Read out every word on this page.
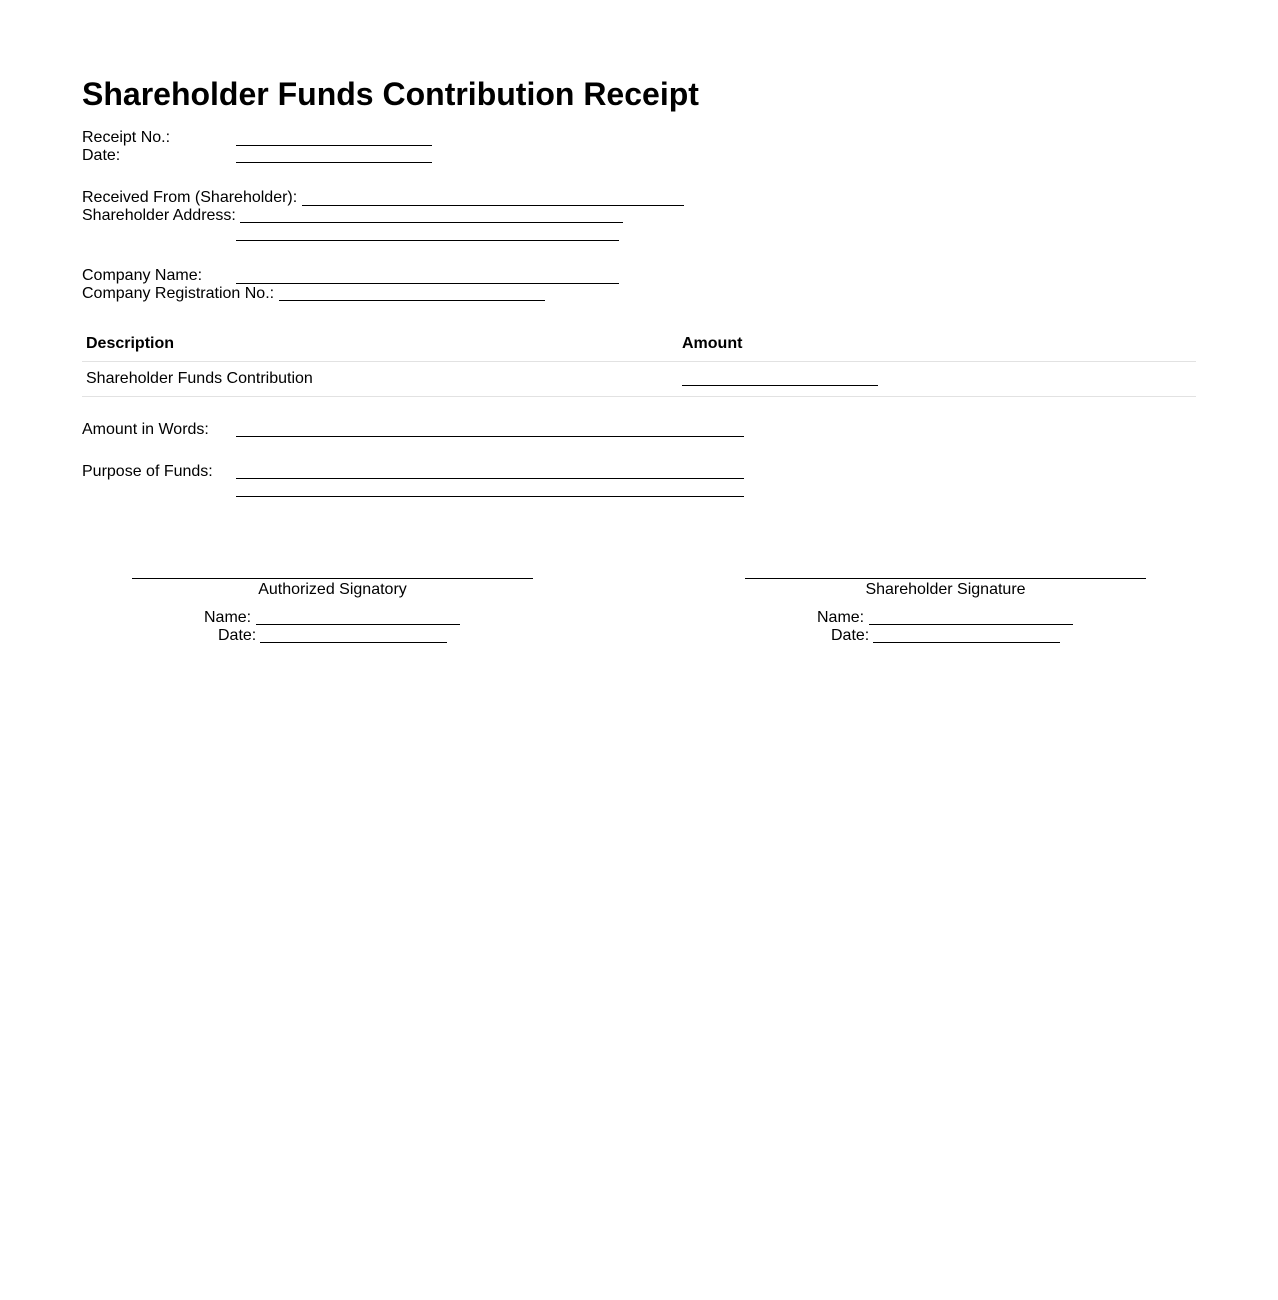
Shareholder Funds Contribution Receipt
Receipt No.:
Date:
Received From (Shareholder):
Shareholder Address:
Company Name:
Company Registration No.:
Description	Amount
Shareholder Funds Contribution
Amount in Words:
Purpose of Funds:
Authorized Signatory
Name:
Date:
Shareholder Signature
Name:
Date:
